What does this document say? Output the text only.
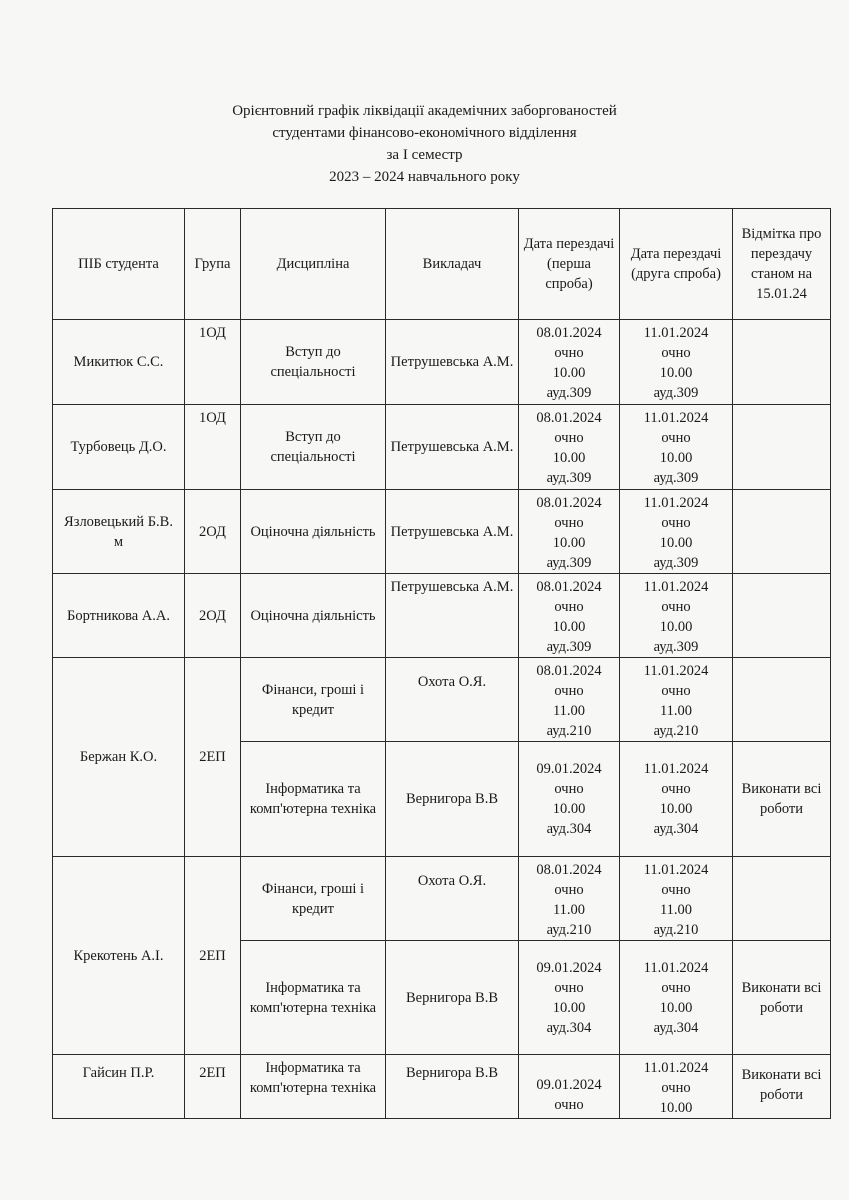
Орієнтовний графік ліквідації академічних заборгованостей
студентами фінансово-економічного відділення
за І семестр
2023 – 2024 навчального року
ПІБ студента	Група	Дисципліна	Викладач	Дата перездачі (перша спроба)	Дата перездачі (друга спроба)	Відмітка про перездачу станом на 15.01.24
Микитюк С.С.	1ОД	Вступ до спеціальності	Петрушевська А.М.	08.01.2024
очно
10.00
ауд.309	11.01.2024
очно
10.00
ауд.309	

Турбовець Д.О.	1ОД	Вступ до спеціальності	Петрушевська А.М.	08.01.2024
очно
10.00
ауд.309	11.01.2024
очно
10.00
ауд.309	

Язловецький Б.В.
м	2ОД	Оціночна діяльність	Петрушевська А.М.	08.01.2024
очно
10.00
ауд.309	11.01.2024
очно
10.00
ауд.309	

Бортникова А.А.	2ОД	Оціночна діяльність	Петрушевська А.М.	08.01.2024
очно
10.00
ауд.309	11.01.2024
очно
10.00
ауд.309	

Бержан К.О.	2ЕП	Фінанси, гроші і кредит	Охота О.Я.	08.01.2024
очно
11.00
ауд.210	11.01.2024
очно
11.00
ауд.210	

		Інформатика та комп'ютерна техніка	Вернигора В.В	09.01.2024
очно
10.00
ауд.304	11.01.2024
очно
10.00
ауд.304	Виконати всі роботи
Крекотень А.І.	2ЕП	Фінанси, гроші і кредит	Охота О.Я.	08.01.2024
очно
11.00
ауд.210	11.01.2024
очно
11.00
ауд.210	

		Інформатика та комп'ютерна техніка	Вернигора В.В	09.01.2024
очно
10.00
ауд.304	11.01.2024
очно
10.00
ауд.304	Виконати всі роботи
Гайсин П.Р.	2ЕП	Інформатика та комп'ютерна техніка	Вернигора В.В	09.01.2024
очно	11.01.2024
очно
10.00	Виконати всі роботи
